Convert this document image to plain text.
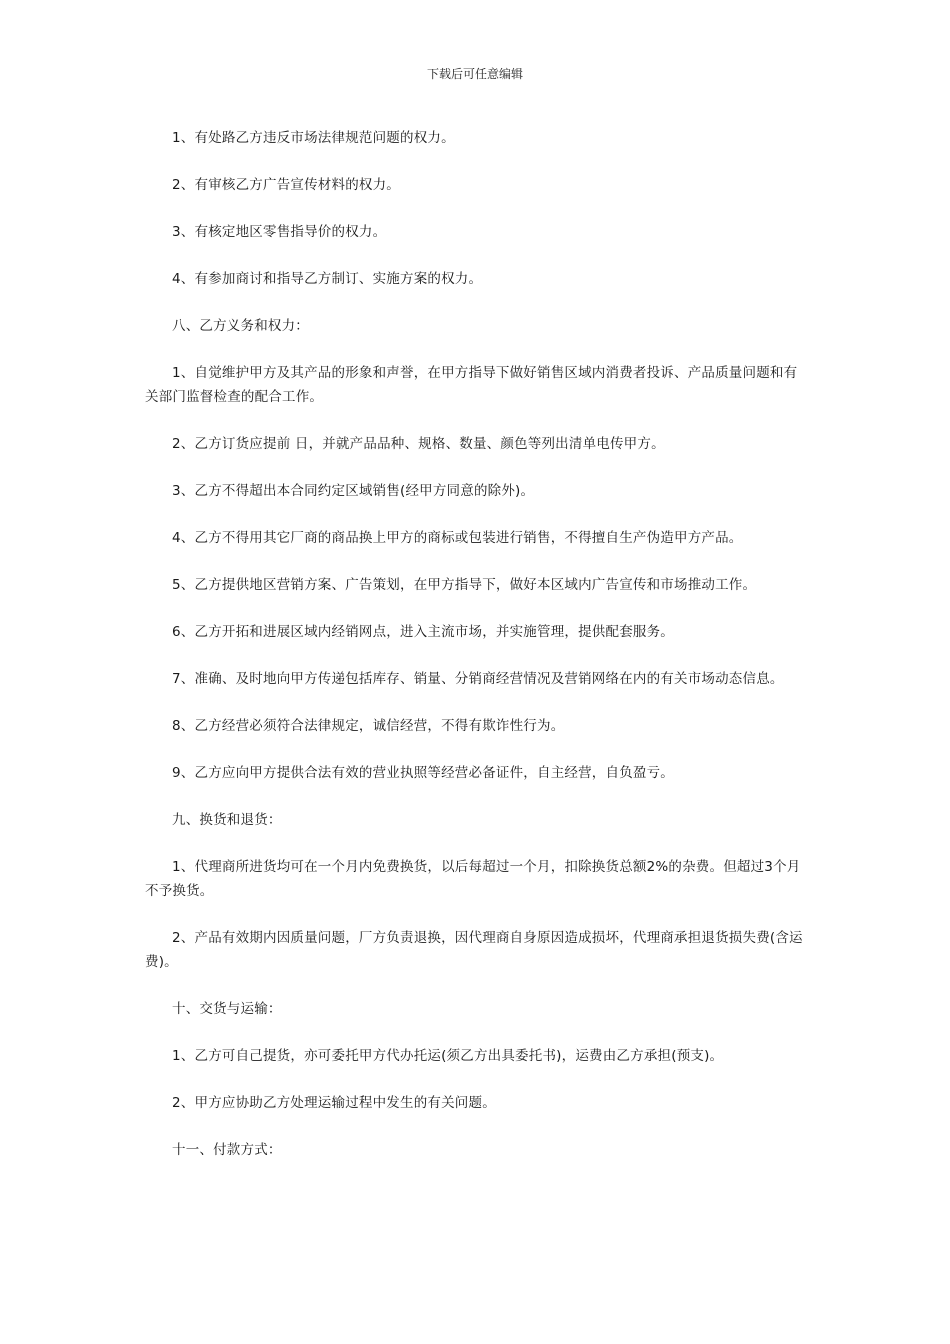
下载后可任意编辑

1、有处路乙方违反市场法律规范问题的权力。

2、有审核乙方广告宣传材料的权力。

3、有核定地区零售指导价的权力。

4、有参加商讨和指导乙方制订、实施方案的权力。

八、乙方义务和权力：

1、自觉维护甲方及其产品的形象和声誉，在甲方指导下做好销售区域内消费者投诉、产品质量问题和有关部门监督检查的配合工作。

2、乙方订货应提前 日，并就产品品种、规格、数量、颜色等列出清单电传甲方。

3、乙方不得超出本合同约定区域销售(经甲方同意的除外)。

4、乙方不得用其它厂商的商品换上甲方的商标或包装进行销售，不得擅自生产伪造甲方产品。

5、乙方提供地区营销方案、广告策划，在甲方指导下，做好本区域内广告宣传和市场推动工作。

6、乙方开拓和进展区域内经销网点，进入主流市场，并实施管理，提供配套服务。

7、准确、及时地向甲方传递包括库存、销量、分销商经营情况及营销网络在内的有关市场动态信息。

8、乙方经营必须符合法律规定，诚信经营，不得有欺诈性行为。

9、乙方应向甲方提供合法有效的营业执照等经营必备证件，自主经营，自负盈亏。

九、换货和退货：

1、代理商所进货均可在一个月内免费换货，以后每超过一个月，扣除换货总额2%的杂费。但超过3个月不予换货。

2、产品有效期内因质量问题，厂方负责退换，因代理商自身原因造成损坏，代理商承担退货损失费(含运费)。

十、交货与运输：

1、乙方可自己提货，亦可委托甲方代办托运(须乙方出具委托书)，运费由乙方承担(预支)。

2、甲方应协助乙方处理运输过程中发生的有关问题。

十一、付款方式：
